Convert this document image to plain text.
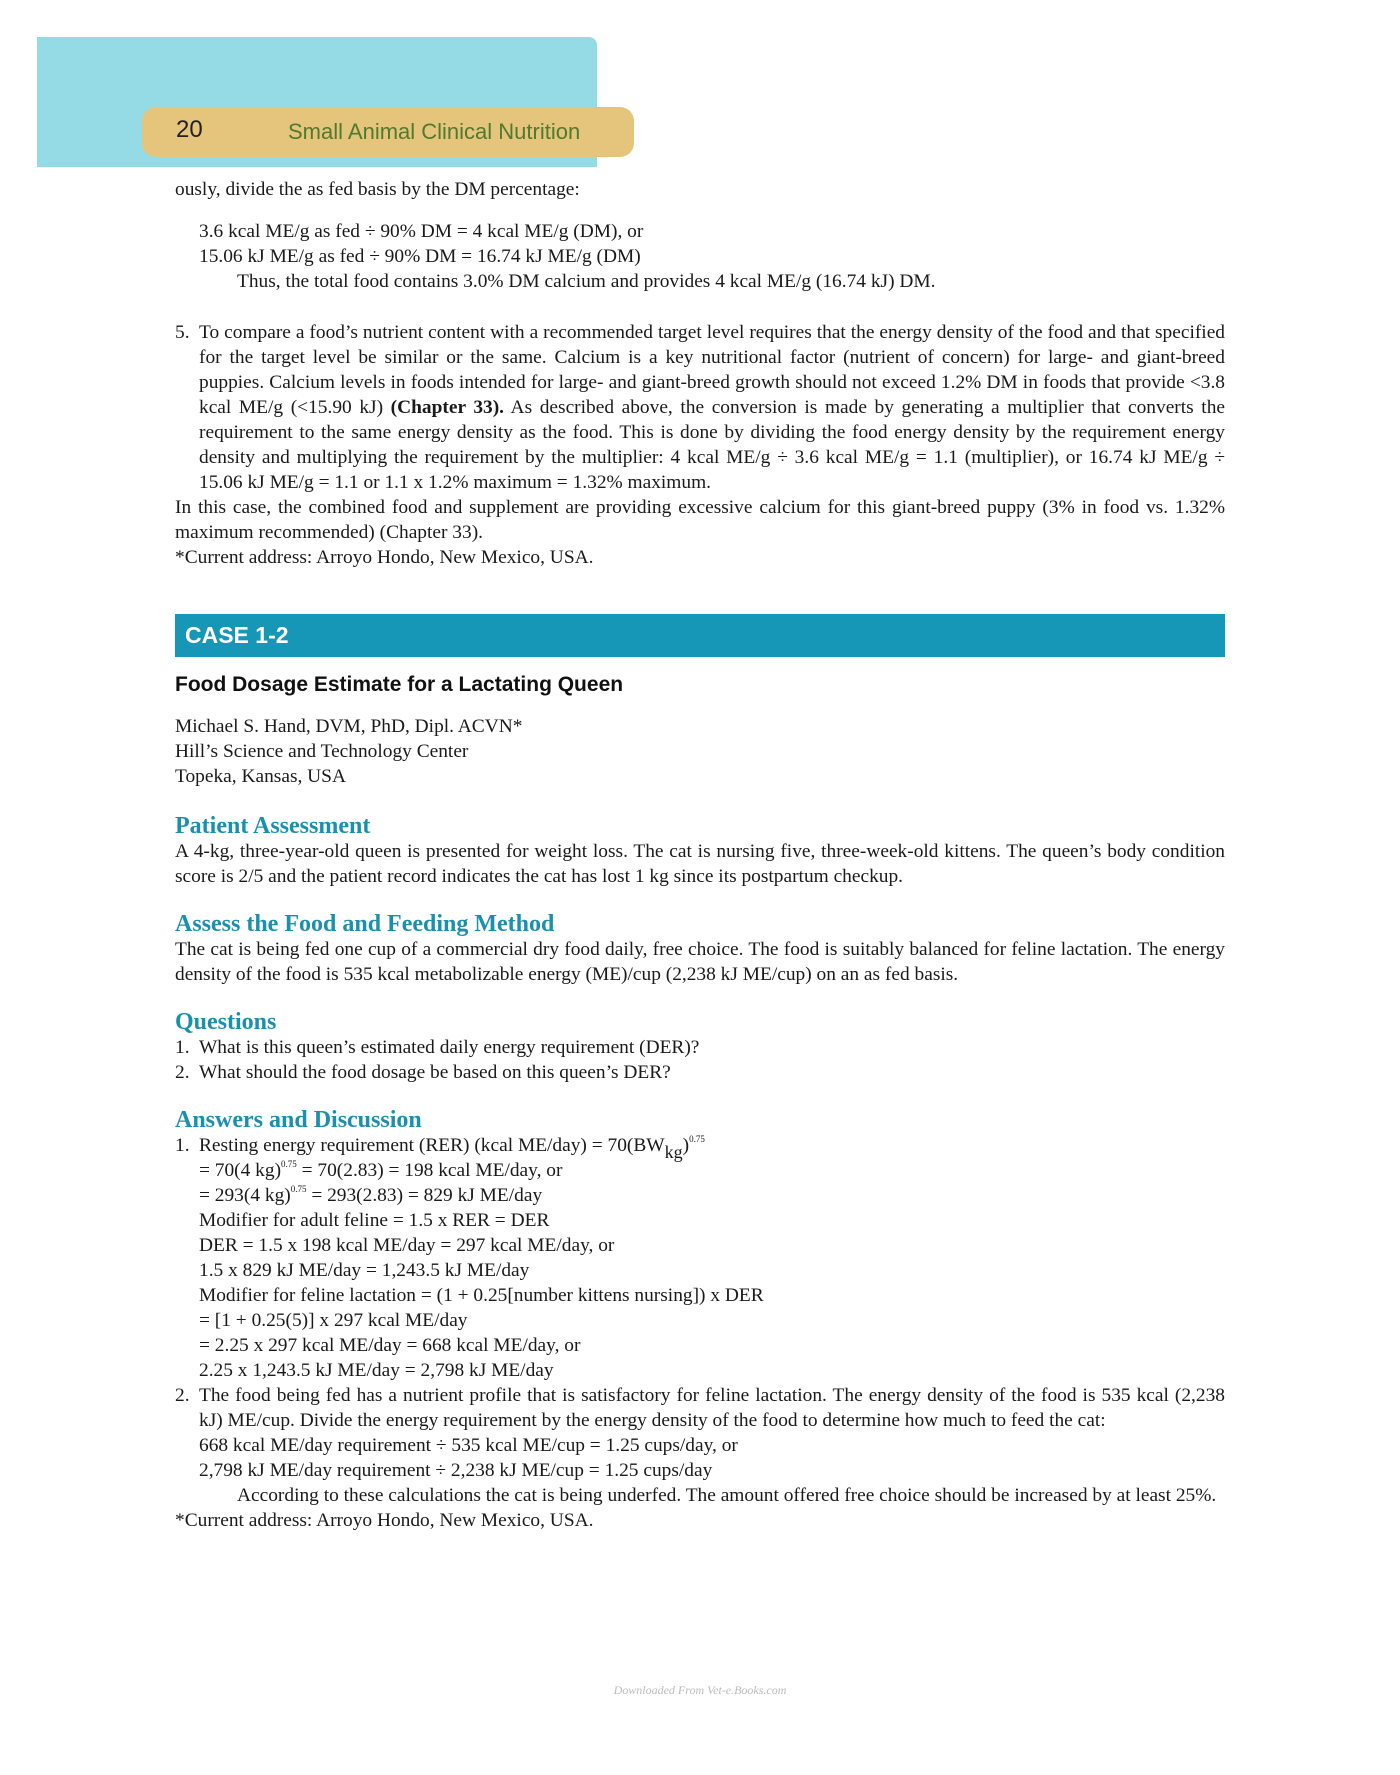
20	Small Animal Clinical Nutrition
ously, divide the as fed basis by the DM percentage:
3.6 kcal ME/g as fed ÷ 90% DM = 4 kcal ME/g (DM), or
15.06 kJ ME/g as fed ÷ 90% DM = 16.74 kJ ME/g (DM)
Thus, the total food contains 3.0% DM calcium and provides 4 kcal ME/g (16.74 kJ) DM.
5. To compare a food’s nutrient content with a recommended target level requires that the energy density of the food and that specified for the target level be similar or the same. Calcium is a key nutritional factor (nutrient of concern) for large- and giant-breed puppies. Calcium levels in foods intended for large- and giant-breed growth should not exceed 1.2% DM in foods that provide <3.8 kcal ME/g (<15.90 kJ) (Chapter 33). As described above, the conversion is made by generating a multiplier that converts the requirement to the same energy density as the food. This is done by dividing the food energy density by the requirement energy density and multiplying the requirement by the multiplier: 4 kcal ME/g ÷ 3.6 kcal ME/g = 1.1 (multiplier), or 16.74 kJ ME/g ÷ 15.06 kJ ME/g = 1.1 or 1.1 x 1.2% maximum = 1.32% maximum.
In this case, the combined food and supplement are providing excessive calcium for this giant-breed puppy (3% in food vs. 1.32% maximum recommended) (Chapter 33).
*Current address: Arroyo Hondo, New Mexico, USA.
CASE 1-2
Food Dosage Estimate for a Lactating Queen
Michael S. Hand, DVM, PhD, Dipl. ACVN*
Hill’s Science and Technology Center
Topeka, Kansas, USA
Patient Assessment
A 4-kg, three-year-old queen is presented for weight loss. The cat is nursing five, three-week-old kittens. The queen’s body condition score is 2/5 and the patient record indicates the cat has lost 1 kg since its postpartum checkup.
Assess the Food and Feeding Method
The cat is being fed one cup of a commercial dry food daily, free choice. The food is suitably balanced for feline lactation. The energy density of the food is 535 kcal metabolizable energy (ME)/cup (2,238 kJ ME/cup) on an as fed basis.
Questions
1. What is this queen’s estimated daily energy requirement (DER)?
2. What should the food dosage be based on this queen’s DER?
Answers and Discussion
1. Resting energy requirement (RER) (kcal ME/day) = 70(BWkg)$^{0.75}$
= 70(4 kg)$^{0.75}$ = 70(2.83) = 198 kcal ME/day, or
= 293(4 kg)$^{0.75}$ = 293(2.83) = 829 kJ ME/day
Modifier for adult feline = 1.5 x RER = DER
DER = 1.5 x 198 kcal ME/day = 297 kcal ME/day, or
1.5 x 829 kJ ME/day = 1,243.5 kJ ME/day
Modifier for feline lactation = (1 + 0.25[number kittens nursing]) x DER
= [1 + 0.25(5)] x 297 kcal ME/day
= 2.25 x 297 kcal ME/day = 668 kcal ME/day, or
2.25 x 1,243.5 kJ ME/day = 2,798 kJ ME/day
2. The food being fed has a nutrient profile that is satisfactory for feline lactation. The energy density of the food is 535 kcal (2,238 kJ) ME/cup. Divide the energy requirement by the energy density of the food to determine how much to feed the cat:
668 kcal ME/day requirement ÷ 535 kcal ME/cup = 1.25 cups/day, or
2,798 kJ ME/day requirement ÷ 2,238 kJ ME/cup = 1.25 cups/day
According to these calculations the cat is being underfed. The amount offered free choice should be increased by at least 25%.
*Current address: Arroyo Hondo, New Mexico, USA.
Downloaded From Vet-e.Books.com
